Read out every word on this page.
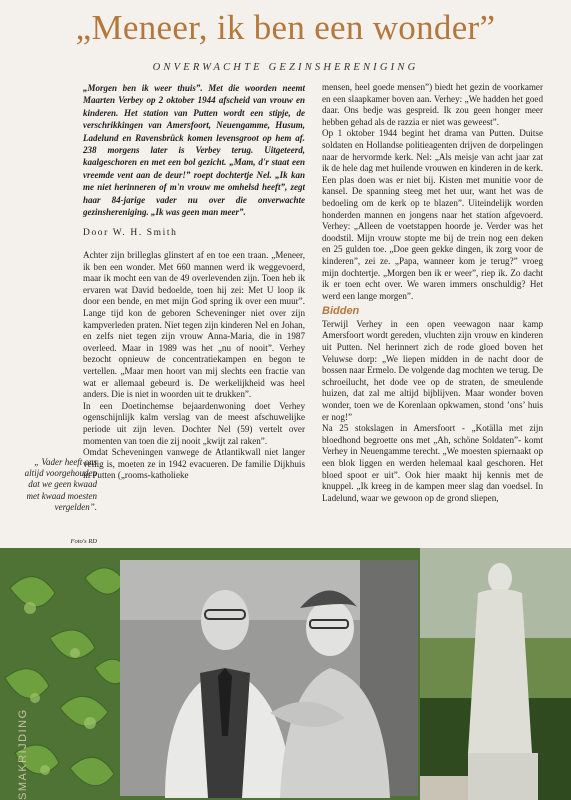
„Meneer, ik ben een wonder”
ONVERWACHTE GEZINSHERENIGING

„Morgen ben ik weer thuis”. Met die woorden neemt Maarten Verbey op 2 oktober 1944 afscheid van vrouw en kinderen. Het station van Putten wordt een stipje, de verschrikkingen van Amersfoort, Neuengamme, Husum, Ladelund en Ravensbrück komen levensgroot op hem af. 238 morgens later is Verbey terug. Uitgeteerd, kaalgeschoren en met een bol gezicht. „Mam, d'r staat een vreemde vent aan de deur!” roept dochtertje Nel. „Ik kan me niet herinneren of m'n vrouw me omhelsd heeft”, zegt haar 84-jarige vader nu over die onverwachte gezinshereniging. „Ik was geen man meer”.

Door W. H. Smith

Achter zijn brilleglas glinstert af en toe een traan. „Meneer, ik ben een wonder. Met 660 mannen werd ik weggevoerd, maar ik mocht een van de 49 overlevenden zijn. Toen heb ik ervaren wat David bedoelde, toen hij zei: Met U loop ik door een bende, en met mijn God spring ik over een muur”. Lange tijd kon de geboren Scheveninger niet over zijn kampverleden praten. Niet tegen zijn kinderen Nel en Johan, en zelfs niet tegen zijn vrouw Anna-Maria, die in 1987 overleed. Maar in 1989 was het „nu of nooit”. Verhey bezocht opnieuw de concentratiekampen en begon te vertellen. „Maar men hoort van mij slechts een fractie van wat er allemaal gebeurd is. De werkelijkheid was heel anders. Die is niet in woorden uit te drukken”.

In een Doetinchemse bejaardenwoning doet Verhey ogenschijnlijk kalm verslag van de meest afschuwelijke periode uit zijn leven. Dochter Nel (59) vertelt over momenten van toen die zij nooit „kwijt zal raken”.

Omdat Scheveningen vanwege de Atlantikwall niet langer veilig is, moeten ze in 1942 evacueren. De familie Dijkhuis in Putten („rooms-katholieke

mensen, heel goede mensen”) biedt het gezin de voorkamer en een slaapkamer boven aan. Verhey: „We hadden het goed daar. Ons bedje was gespreid. Ik zou geen honger meer hebben gehad als de razzia er niet was geweest”.

Op 1 oktober 1944 begint het drama van Putten. Duitse soldaten en Hollandse politieagenten drijven de dorpelingen naar de hervormde kerk. Nel: „Als meisje van acht jaar zat ik de hele dag met huilende vrouwen en kinderen in de kerk. Een plas doen was er niet bij. Kisten met munitie voor de kansel. De spanning steeg met het uur, want het was de bedoeling om de kerk op te blazen”. Uiteindelijk worden honderden mannen en jongens naar het station afgevoerd. Verhey: „Alleen de voetstappen hoorde je. Verder was het doodstil. Mijn vrouw stopte me bij de trein nog een deken en 25 gulden toe. „Doe geen gekke dingen, ik zorg voor de kinderen”, zei ze. „Papa, wanneer kom je terug?” vroeg mijn dochtertje. „Morgen ben ik er weer”, riep ik. Zo dacht ik er toen echt over. We waren immers onschuldig? Het werd een lange morgen”.

Bidden

Terwijl Verhey in een open veewagon naar kamp Amersfoort wordt gereden, vluchten zijn vrouw en kinderen uit Putten. Nel herinnert zich de rode gloed boven het Veluwse dorp: „We liepen midden in de nacht door de bossen naar Ermelo. De volgende dag mochten we terug. De schroeilucht, het dode vee op de straten, de smeulende huizen, dat zal me altijd bijblijven. Maar wonder boven wonder, toen we de Korenlaan opkwamen, stond ’ons’ huis er nog!”

Na 25 stokslagen in Amersfoort - „Kotälla met zijn bloedhond begroette ons met „Ah, schöne Soldaten”- komt Verhey in Neuengamme terecht. „We moesten spiernaakt op een blok liggen en werden helemaal kaal geschoren. Het bloed spoot er uit”. Ook hier maakt hij kennis met de knuppel. „Ik kreeg in de kampen meer slag dan voedsel. In Ladelund, waar we gewoon op de grond sliepen,

„ Vader heeft ons altijd voorgehouden dat we geen kwaad met kwaad moesten vergelden”.
Foto's RD
SMAKRIJDING
